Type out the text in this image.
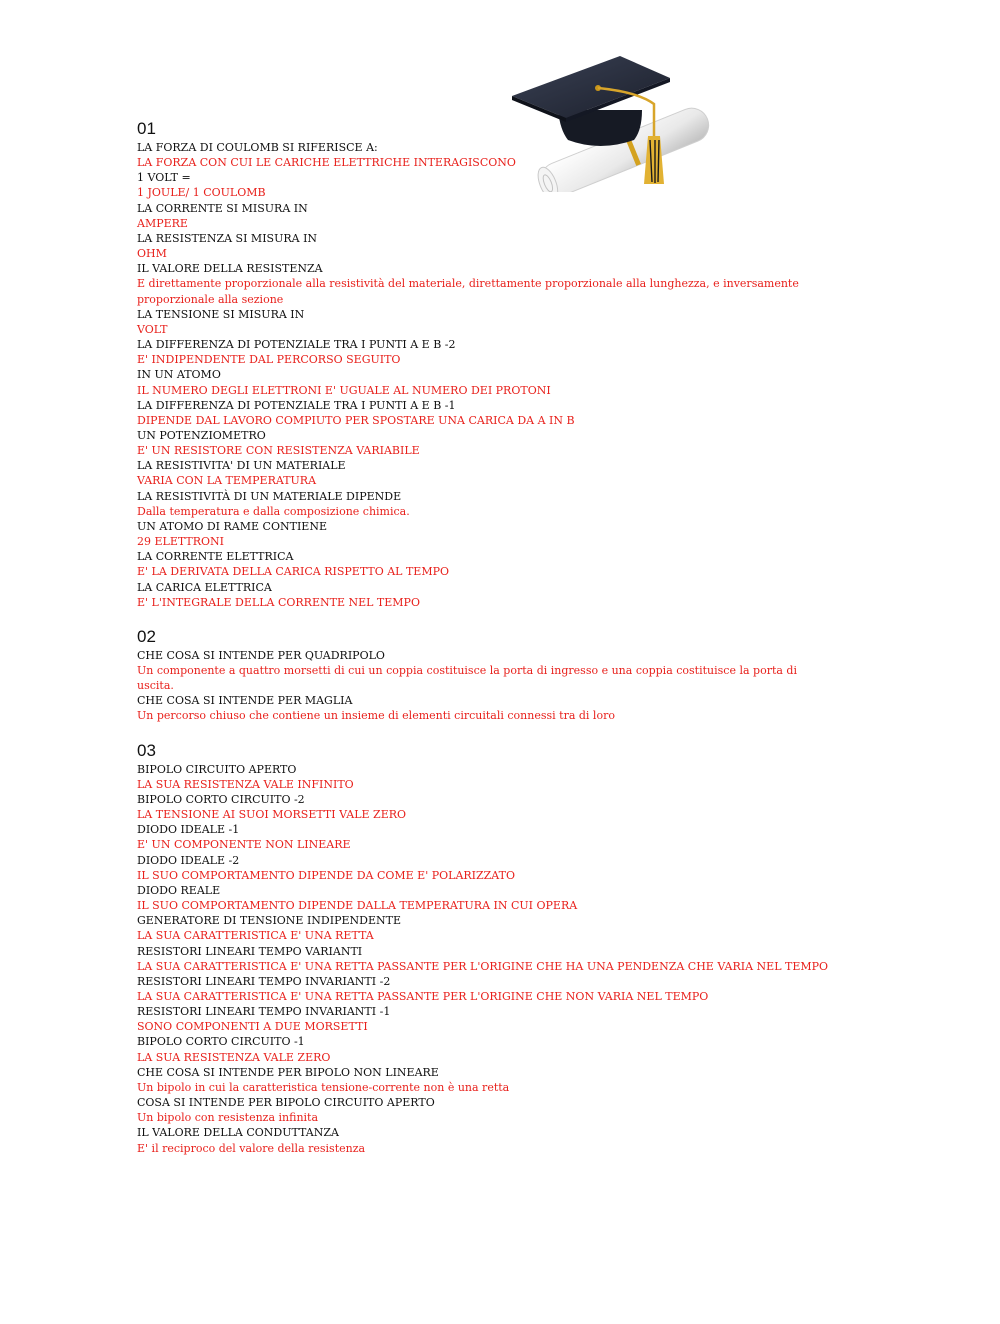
01
LA FORZA DI COULOMB SI RIFERISCE A:
LA FORZA CON CUI LE CARICHE ELETTRICHE INTERAGISCONO
1 VOLT =
1 JOULE/ 1 COULOMB
LA CORRENTE SI MISURA IN
AMPERE
LA RESISTENZA SI MISURA IN
OHM
IL VALORE DELLA RESISTENZA
E direttamente proporzionale alla resistività del materiale, direttamente proporzionale alla lunghezza, e inversamente proporzionale alla sezione
LA TENSIONE SI MISURA IN
VOLT
LA DIFFERENZA DI POTENZIALE TRA I PUNTI A E B -2
E' INDIPENDENTE DAL PERCORSO SEGUITO
IN UN ATOMO
IL NUMERO DEGLI ELETTRONI E' UGUALE AL NUMERO DEI PROTONI
LA DIFFERENZA DI POTENZIALE TRA I PUNTI A E B -1
DIPENDE DAL LAVORO COMPIUTO PER SPOSTARE UNA CARICA DA A IN B
UN POTENZIOMETRO
E' UN RESISTORE CON RESISTENZA VARIABILE
LA RESISTIVITA' DI UN MATERIALE
VARIA CON LA TEMPERATURA
LA RESISTIVITÀ DI UN MATERIALE DIPENDE
Dalla temperatura e dalla composizione chimica.
UN ATOMO DI RAME CONTIENE
29 ELETTRONI
LA CORRENTE ELETTRICA
E' LA DERIVATA DELLA CARICA RISPETTO AL TEMPO
LA CARICA ELETTRICA
E' L'INTEGRALE DELLA CORRENTE NEL TEMPO
02
CHE COSA SI INTENDE PER QUADRIPOLO
Un componente a quattro morsetti di cui un coppia costituisce la porta di ingresso e una coppia costituisce la porta di uscita.
CHE COSA SI INTENDE PER MAGLIA
Un percorso chiuso che contiene un insieme di elementi circuitali connessi tra di loro
03
BIPOLO CIRCUITO APERTO
LA SUA RESISTENZA VALE INFINITO
BIPOLO CORTO CIRCUITO -2
LA TENSIONE AI SUOI MORSETTI VALE ZERO
DIODO IDEALE -1
E' UN COMPONENTE NON LINEARE
DIODO IDEALE -2
IL SUO COMPORTAMENTO DIPENDE DA COME E' POLARIZZATO
DIODO REALE
IL SUO COMPORTAMENTO DIPENDE DALLA TEMPERATURA IN CUI OPERA
GENERATORE DI TENSIONE INDIPENDENTE
LA SUA CARATTERISTICA E' UNA RETTA
RESISTORI LINEARI TEMPO VARIANTI
LA SUA CARATTERISTICA E' UNA RETTA PASSANTE PER L'ORIGINE CHE HA UNA PENDENZA CHE VARIA NEL TEMPO
RESISTORI LINEARI TEMPO INVARIANTI -2
LA SUA CARATTERISTICA E' UNA RETTA PASSANTE PER L'ORIGINE CHE NON VARIA NEL TEMPO
RESISTORI LINEARI TEMPO INVARIANTI -1
SONO COMPONENTI A DUE MORSETTI
BIPOLO CORTO CIRCUITO -1
LA SUA RESISTENZA VALE ZERO
CHE COSA SI INTENDE PER BIPOLO NON LINEARE
Un bipolo in cui la caratteristica tensione-corrente non è una retta
COSA SI INTENDE PER BIPOLO CIRCUITO APERTO
Un bipolo con resistenza infinita
IL VALORE DELLA CONDUTTANZA
E' il reciproco del valore della resistenza
